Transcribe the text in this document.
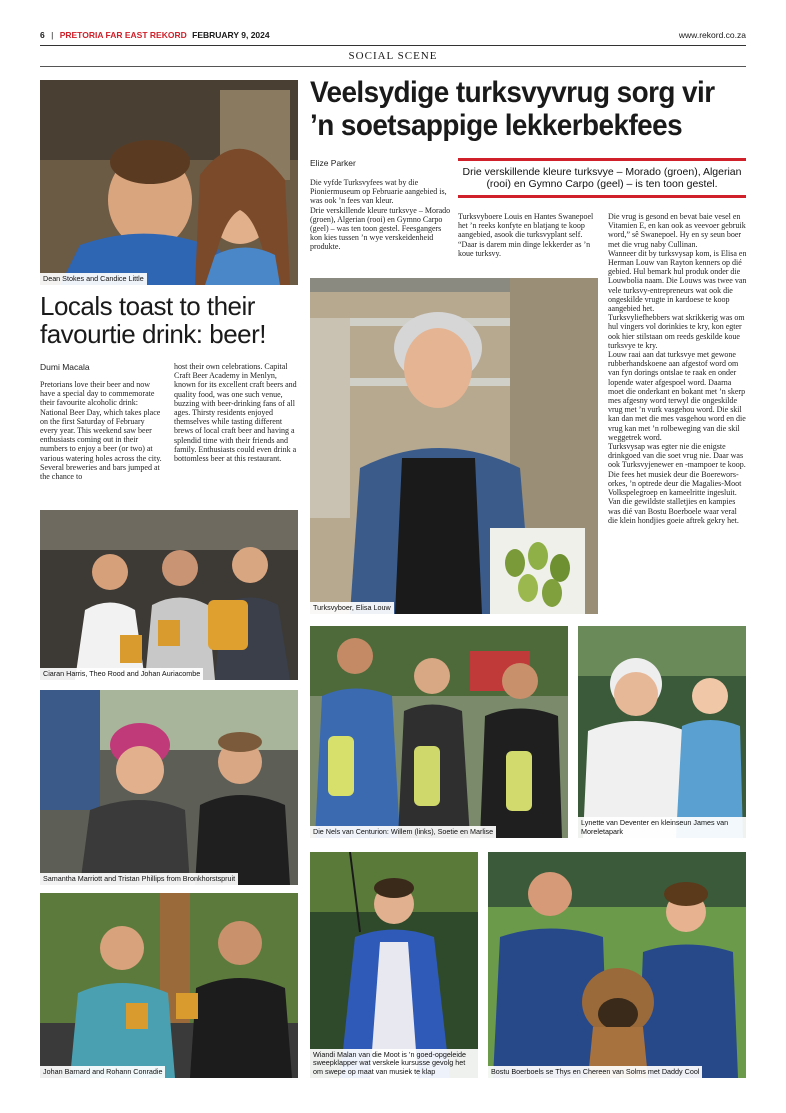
6 | PRETORIA FAR EAST REKORD FEBRUARY 9, 2024	www.rekord.co.za
SOCIAL SCENE
Dean Stokes and Candice Little
Locals toast to their favourtie drink: beer!
Dumi Macala
Pretorians love their beer and now have a special day to commemorate their favourite alcoholic drink: National Beer Day, which takes place on the first Saturday of February every year. This weekend saw beer enthusiasts coming out in their numbers to enjoy a beer (or two) at various watering holes across the city. Several breweries and bars jumped at the chance to
host their own celebrations. Capital Craft Beer Academy in Menlyn, known for its excellent craft beers and quality food, was one such venue, buzzing with beer-drinking fans of all ages. Thirsty residents enjoyed themselves while tasting different brews of local craft beer and having a splendid time with their friends and family. Enthusiasts could even drink a bottomless beer at this restaurant.
Ciaran Harris, Theo Rood and Johan Auriacombe
Samantha Marriott and Tristan Phillips from Bronkhorstspruit
Johan Barnard and Rohann Conradie
Veelsydige turksvyvrug sorg vir ’n soetsappige lekkerbekfees
Elize Parker
Drie verskillende kleure turksvye – Morado (groen), Algerian (rooi) en Gymno Carpo (geel) – is ten toon gestel.
Die vyfde Turksvyfees wat by die Pioniermuseum op Februarie aangebied is, was ook ’n fees van kleur.
Drie verskillende kleure turksvye – Morado (groen), Algerian (rooi) en Gymno Carpo (geel) – was ten toon gestel. Feesgangers kon kies tussen ’n wye verskeidenheid produkte.
Turksvyboere Louis en Hantes Swanepoel het ’n reeks konfyte en blatjang te koop aangebied, asook die turksvyplant self.
“Daar is darem min dinge lekkerder as ’n koue turksvy.
Die vrug is gesond en bevat baie vesel en Vitamien E, en kan ook as veevoer gebruik word,” sê Swanepoel. Hy en sy seun boer met die vrug naby Cullinan.
Wanneer dit by turksvysap kom, is Elisa en Herman Louw van Rayton kenners op dié gebied. Hul bemark hul produk onder die Louwbolia naam. Die Louws was twee van vele turksvy-entrepreneurs wat ook die ongeskilde vrugte in kardoese te koop aangebied het.
Turksvyliefhebbers wat skrikkerig was om hul vingers vol dorinkies te kry, kon egter ook hier stilstaan om reeds geskilde koue turksvye te kry.
Louw raai aan dat turksvye met gewone rubberhandskoene aan afgestof word om van fyn dorings ontslae te raak en onder lopende water afgespoel word. Daarna moet die onderkant en bokant met ’n skerp mes afgesny word terwyl die ongeskilde vrug met ’n vurk vasgehou word. Die skil kan dan met die mes vasgehou word en die vrug kan met ’n rolbeweging van die skil weggetrek word.
Turksvysap was egter nie die enigste drinkgoed van die soet vrug nie. Daar was ook Turksvyjenewer en -mampoer te koop.
Die fees het musiek deur die Boerewors-orkes, ’n optrede deur die Magalies-Moot Volkspelegroep en kameelritte ingesluit.
Van die gewildste stalletjies en kampies was dié van Bostu Boerboele waar veral die klein hondjies goeie aftrek gekry het.
Turksvyboer, Elisa Louw
Die Nels van Centurion: Willem (links), Soetie en Marlise
Lynette van Deventer en kleinseun James van Moreletapark
Wiandi Malan van die Moot is ’n goed-opgeleide sweepklapper wat verskele kursusse gevolg het om swepe op maat van musiek te klap	Bostu Boerboels se Thys en Chereen van Solms met Daddy Cool
